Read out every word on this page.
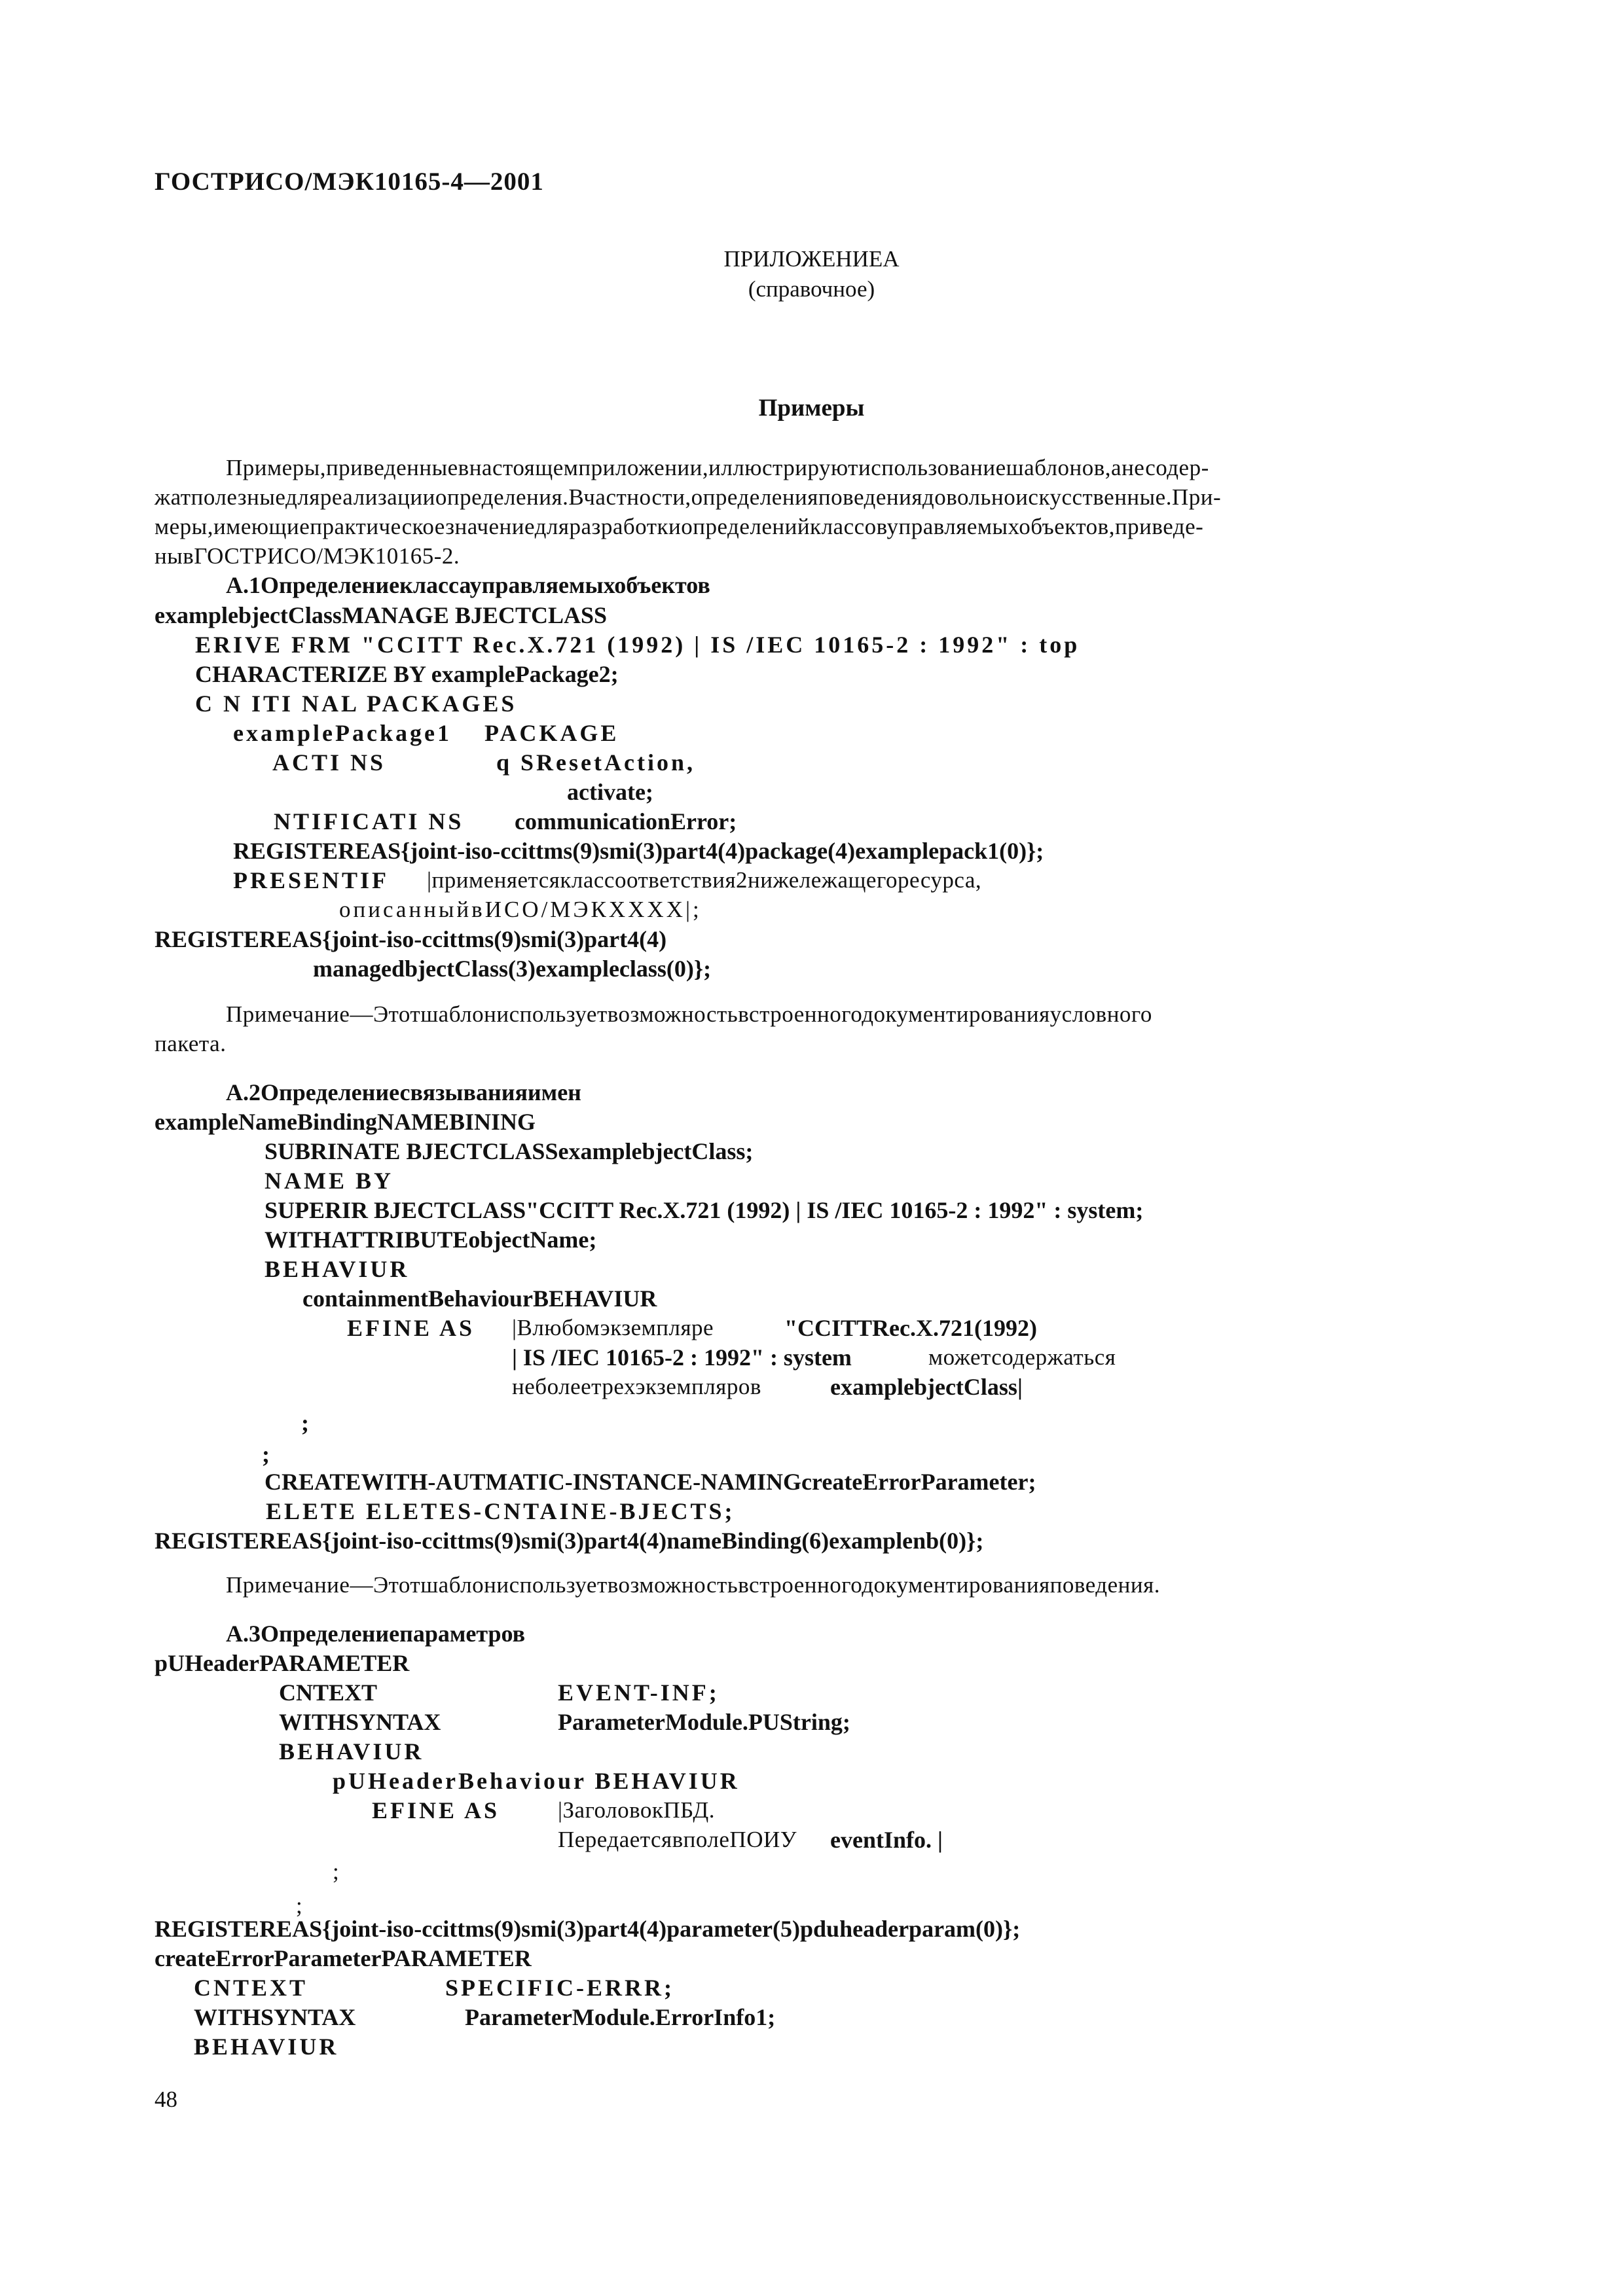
ГОСТРИСО/МЭК10165-4—2001
ПРИЛОЖЕНИЕА
(справочное)
Примеры
Примеры,приведенныевнастоящемприложении,иллюстрируютиспользованиешаблонов,анесодер-
жатполезныедляреализацииопределения.Вчастности,определенияповедениядовольноискусственные.При-
меры,имеющиепрактическоезначениедляразработкиопределенийклассовуправляемыхобъектов,приведе-
нывГОСТРИСО/МЭК10165-2.
А.1Определениеклассауправляемыхобъектов
examplebjectClassMANAGE BJECTCLASS
ERIVE FRM "CCITT Rec.X.721 (1992) | IS /IEC 10165-2 : 1992" : top
CHARACTERIZE BY examplePackage2;
C N ITI NAL PACKAGES
examplePackage1 PACKAGE
ACTI NS	q SResetAction,
activate;
NTIFICATI NS communicationError;
REGISTEREAS{joint-iso-ccittms(9)smi(3)part4(4)package(4)examplepack1(0)};
PRESENTIF |применяетсяклассоответствия2нижележащегоресурса,
описанныйвИСО/МЭКХХХХ|;
REGISTEREAS{joint-iso-ccittms(9)smi(3)part4(4)
managedbjectClass(3)exampleclass(0)};
Примечание—Этотшаблониспользуетвозможностьвстроенногодокументированияусловного
пакета.
А.2Определениесвязыванияимен
exampleNameBindingNAMEBINING
SUBRINATE BJECTCLASSexamplebjectClass;
NAME BY
SUPERIR BJECTCLASS"CCITT Rec.X.721 (1992) | IS /IEC 10165-2 : 1992" : system;
WITHATTRIBUTEobjectName;
BEHAVIUR
containmentBehaviourBEHAVIUR
EFINE AS |Влюбомэкземпляре	"CCITTRec.X.721(1992)
| IS /IEC 10165-2 : 1992" : system	можетсодержаться
неболеетрехэкземпляров	examplebjectClass|
;
;
CREATEWITH-AUTMATIC-INSTANCE-NAMINGcreateErrorParameter;
ELETE ELETES-CNTAINE-BJECTS;
REGISTEREAS{joint-iso-ccittms(9)smi(3)part4(4)nameBinding(6)examplenb(0)};
Примечание—Этотшаблониспользуетвозможностьвстроенногодокументированияповедения.
А.3Определениепараметров
pUHeaderPARAMETER
CNTEXT	EVENT-INF;
WITHSYNTAX	ParameterModule.PUString;
BEHAVIUR
pUHeaderBehaviour BEHAVIUR
EFINE AS	|ЗаголовокПБД.
ПередаетсявполеПОИУ eventInfo. |
;
;
REGISTEREAS{joint-iso-ccittms(9)smi(3)part4(4)parameter(5)pduheaderparam(0)};
createErrorParameterPARAMETER
CNTEXT	SPECIFIC-ERRR;
WITHSYNTAX	ParameterModule.ErrorInfo1;
BEHAVIUR
48
